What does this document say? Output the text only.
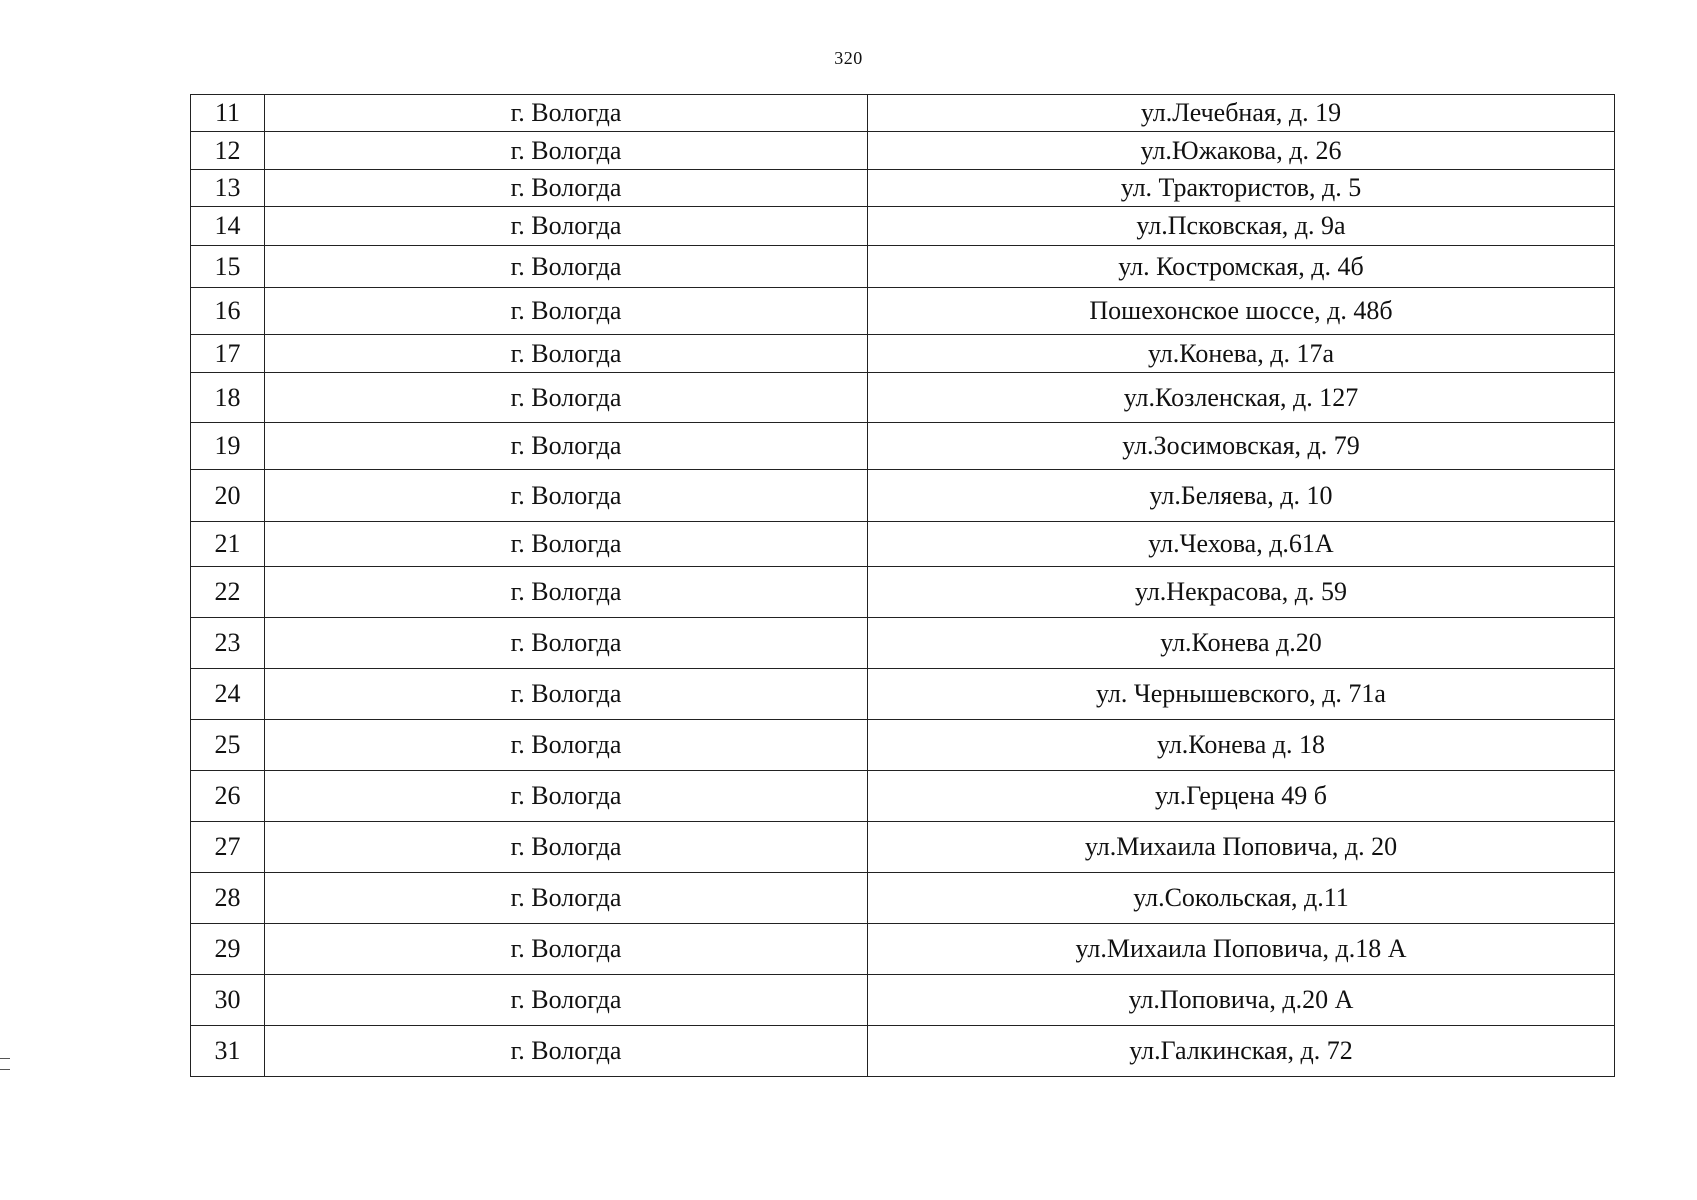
320
11	г. Вологда	ул.Лечебная, д. 19
12	г. Вологда	ул.Южакова, д. 26
13	г. Вологда	ул. Трактористов, д. 5
14	г. Вологда	ул.Псковская, д. 9а
15	г. Вологда	ул. Костромская, д. 4б
16	г. Вологда	Пошехонское шоссе, д. 48б
17	г. Вологда	ул.Конева, д. 17а
18	г. Вологда	ул.Козленская, д. 127
19	г. Вологда	ул.Зосимовская, д. 79
20	г. Вологда	ул.Беляева, д. 10
21	г. Вологда	ул.Чехова, д.61А
22	г. Вологда	ул.Некрасова, д. 59
23	г. Вологда	ул.Конева д.20
24	г. Вологда	ул. Чернышевского, д. 71а
25	г. Вологда	ул.Конева д. 18
26	г. Вологда	ул.Герцена 49 б
27	г. Вологда	ул.Михаила Поповича, д. 20
28	г. Вологда	ул.Сокольская, д.11
29	г. Вологда	ул.Михаила Поповича, д.18 А
30	г. Вологда	ул.Поповича, д.20 А
31	г. Вологда	ул.Галкинская, д. 72
